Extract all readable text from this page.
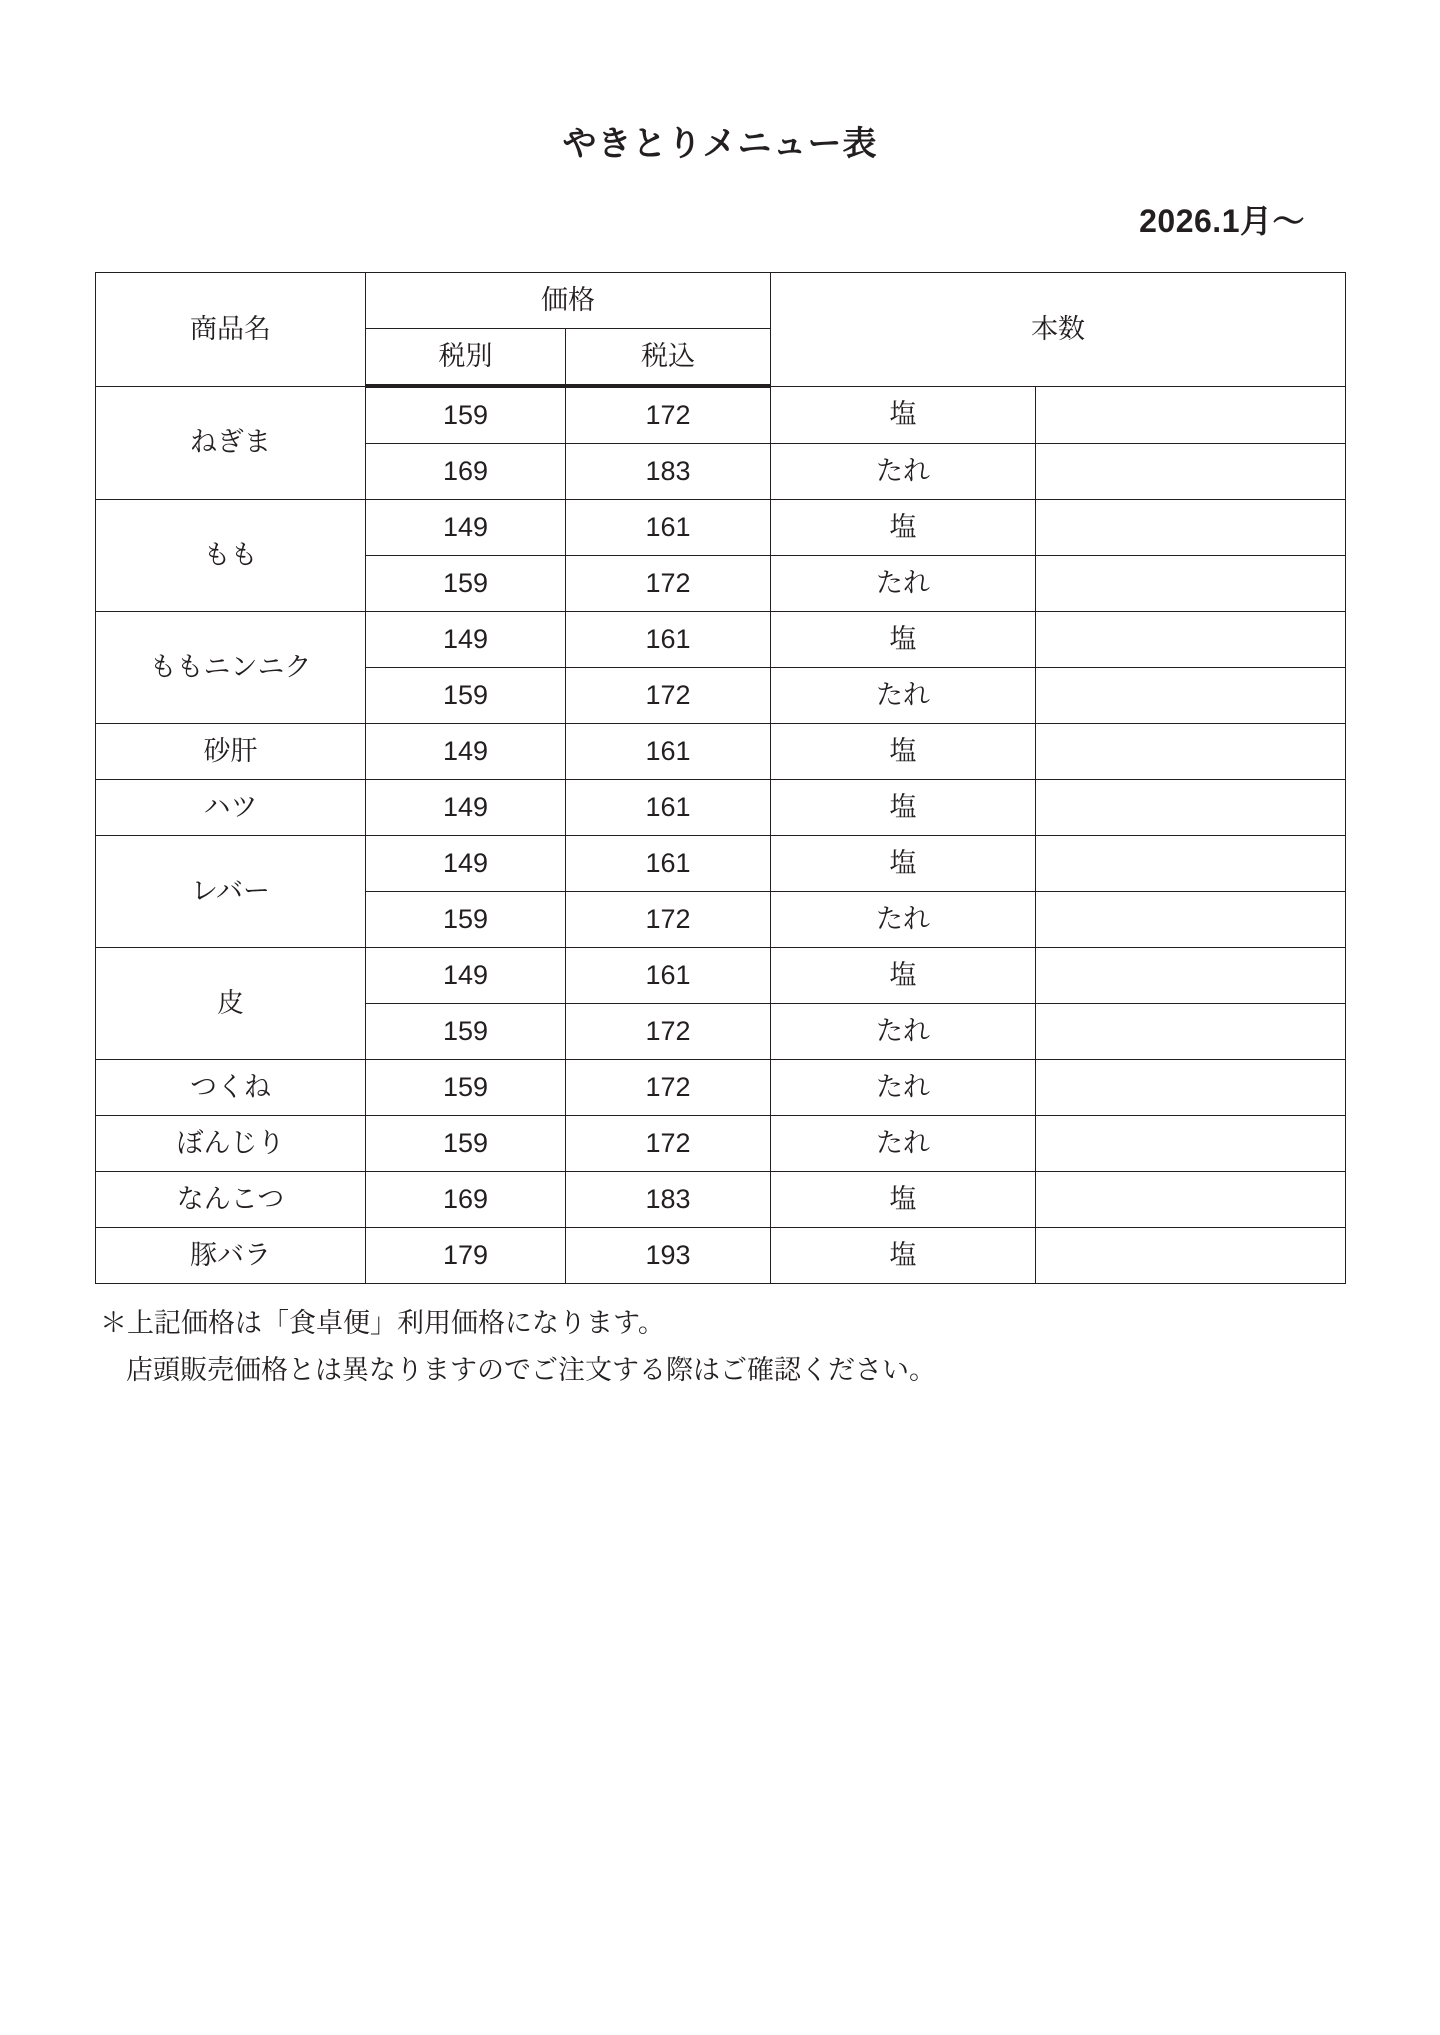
やきとりメニュー表
2026.1月〜
商品名	価格		本数	
	税別	税込		
ねぎま	159	172	塩	
	169	183	たれ	
もも	149	161	塩	
	159	172	たれ	
ももニンニク	149	161	塩	
	159	172	たれ	
砂肝	149	161	塩	
ハツ	149	161	塩	
レバー	149	161	塩	
	159	172	たれ	
皮	149	161	塩	
	159	172	たれ	
つくね	159	172	たれ	
ぼんじり	159	172	たれ	
なんこつ	169	183	塩	
豚バラ	179	193	塩	
＊上記価格は「食卓便」利用価格になります。
店頭販売価格とは異なりますのでご注文する際はご確認ください。
